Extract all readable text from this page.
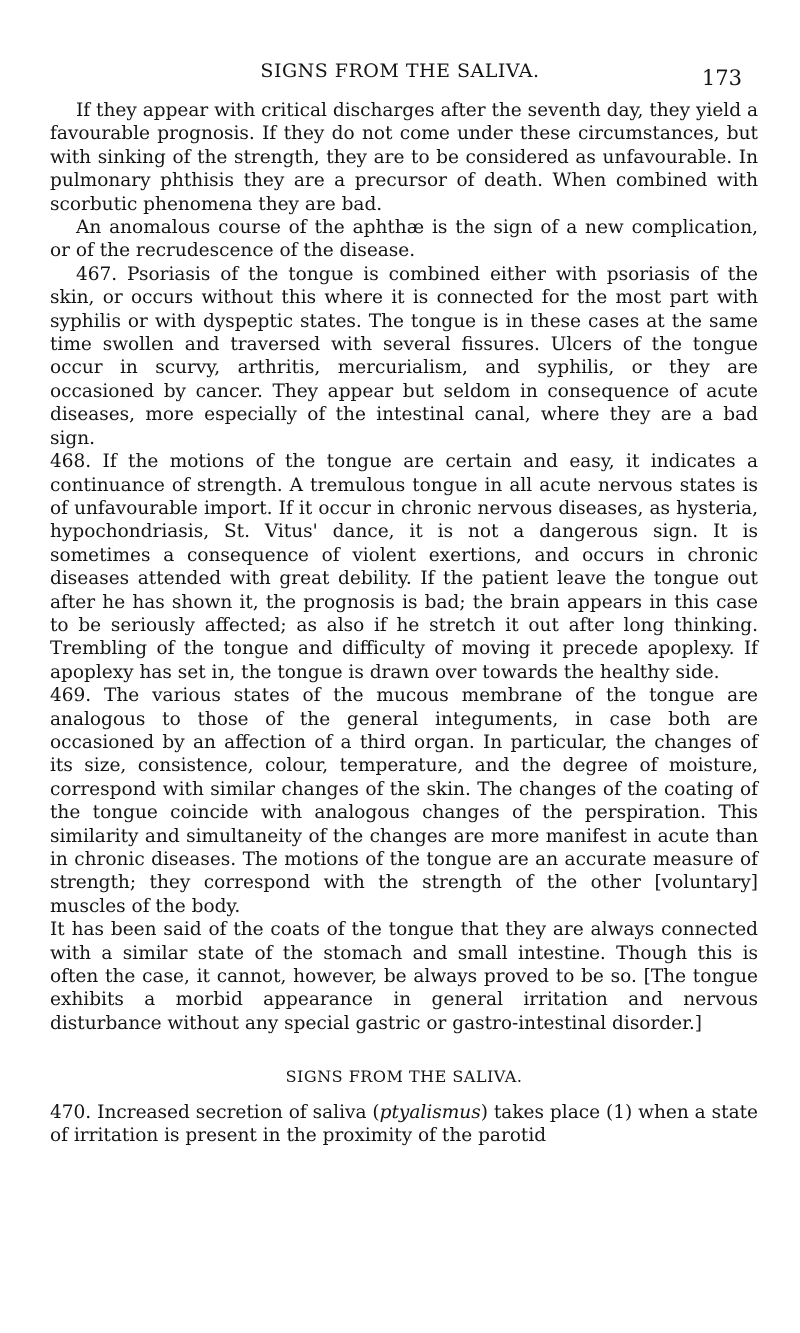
SIGNS FROM THE SALIVA.	173

If they appear with critical discharges after the seventh day, they yield a favourable prognosis. If they do not come under these circumstances, but with sinking of the strength, they are to be considered as unfavourable. In pulmonary phthisis they are a precursor of death. When combined with scorbutic phenomena they are bad.

An anomalous course of the aphthæ is the sign of a new complication, or of the recrudescence of the disease.

467. Psoriasis of the tongue is combined either with psoriasis of the skin, or occurs without this where it is connected for the most part with syphilis or with dyspeptic states. The tongue is in these cases at the same time swollen and traversed with several fissures. Ulcers of the tongue occur in scurvy, arthritis, mercurialism, and syphilis, or they are occasioned by cancer. They appear but seldom in consequence of acute diseases, more especially of the intestinal canal, where they are a bad sign.

468. If the motions of the tongue are certain and easy, it indicates a continuance of strength. A tremulous tongue in all acute nervous states is of unfavourable import. If it occur in chronic nervous diseases, as hysteria, hypochondriasis, St. Vitus' dance, it is not a dangerous sign. It is sometimes a consequence of violent exertions, and occurs in chronic diseases attended with great debility. If the patient leave the tongue out after he has shown it, the prognosis is bad; the brain appears in this case to be seriously affected; as also if he stretch it out after long thinking. Trembling of the tongue and difficulty of moving it precede apoplexy. If apoplexy has set in, the tongue is drawn over towards the healthy side.

469. The various states of the mucous membrane of the tongue are analogous to those of the general integuments, in case both are occasioned by an affection of a third organ. In particular, the changes of its size, consistence, colour, temperature, and the degree of moisture, correspond with similar changes of the skin. The changes of the coating of the tongue coincide with analogous changes of the perspiration. This similarity and simultaneity of the changes are more manifest in acute than in chronic diseases. The motions of the tongue are an accurate measure of strength; they correspond with the strength of the other [voluntary] muscles of the body.

It has been said of the coats of the tongue that they are always connected with a similar state of the stomach and small intestine. Though this is often the case, it cannot, however, be always proved to be so. [The tongue exhibits a morbid appearance in general irritation and nervous disturbance without any special gastric or gastro-intestinal disorder.]

SIGNS FROM THE SALIVA.

470. Increased secretion of saliva (ptyalismus) takes place (1) when a state of irritation is present in the proximity of the parotid
